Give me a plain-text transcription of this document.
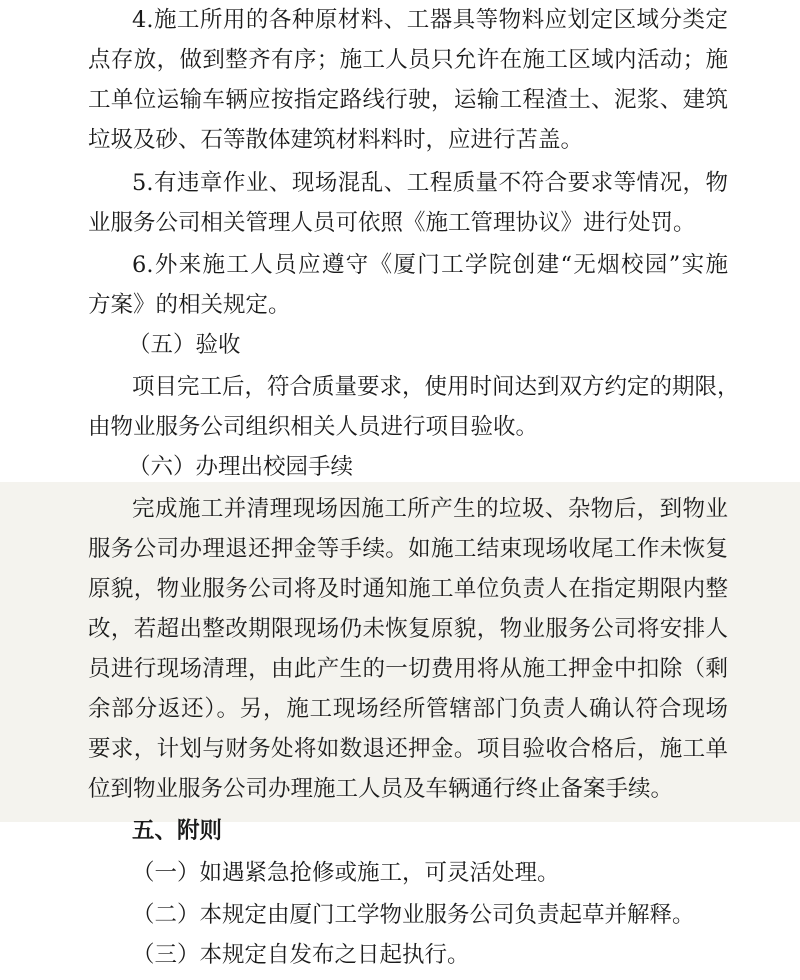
4.施工所用的各种原材料、工器具等物料应划定区域分类定
点存放，做到整齐有序；施工人员只允许在施工区域内活动；施
工单位运输车辆应按指定路线行驶，运输工程渣土、泥浆、建筑
垃圾及砂、石等散体建筑材料料时，应进行苫盖。
5.有违章作业、现场混乱、工程质量不符合要求等情况，物
业服务公司相关管理人员可依照《施工管理协议》进行处罚。
6.外来施工人员应遵守《厦门工学院创建“无烟校园”实施
方案》的相关规定。
（五）验收
项目完工后，符合质量要求，使用时间达到双方约定的期限，
由物业服务公司组织相关人员进行项目验收。
（六）办理出校园手续
完成施工并清理现场因施工所产生的垃圾、杂物后，到物业
服务公司办理退还押金等手续。如施工结束现场收尾工作未恢复
原貌，物业服务公司将及时通知施工单位负责人在指定期限内整
改，若超出整改期限现场仍未恢复原貌，物业服务公司将安排人
员进行现场清理，由此产生的一切费用将从施工押金中扣除（剩
余部分返还）。另，施工现场经所管辖部门负责人确认符合现场
要求，计划与财务处将如数退还押金。项目验收合格后，施工单
位到物业服务公司办理施工人员及车辆通行终止备案手续。
五、附则
（一）如遇紧急抢修或施工，可灵活处理。
（二）本规定由厦门工学物业服务公司负责起草并解释。
（三）本规定自发布之日起执行。
